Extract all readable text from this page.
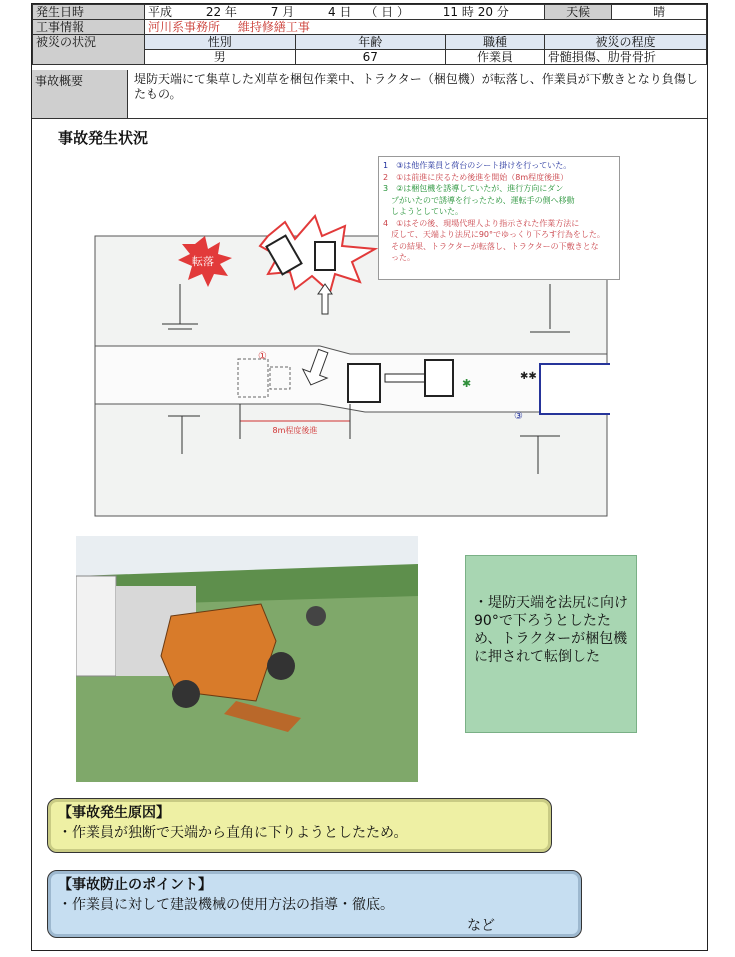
発生日時	平成 22 年 7 月 4 日 （ 日 ） 11 時 20 分			天候	晴
工事情報	河川系事務所 維持修繕工事				
被災の状況	性別	年齢	職種	被災の程度	
	男	67	作業員	骨髄損傷、肋骨骨折	
事故概要	堤防天端にて集草した刈草を梱包作業中、トラクター（梱包機）が転落し、作業員が下敷きとなり負傷したもの。
事故発生状況
転落
①
✱
✱✱
③
8m程度後進
1　③は他作業員と荷台のシート掛けを行っていた。
2　①は前進に戻るため後進を開始（8m程度後進）
3　②は梱包機を誘導していたが、進行方向にダン
　プがいたので誘導を行ったため、運転手の側へ移動
　しようとしていた。
4　①はその後、現場代理人より指示された作業方法に
　反して、天端より法尻に90°でゆっくり下ろす行為をした。
　その結果、トラクターが転落し、トラクターの下敷きとな
　った。
・堤防天端を法尻に向け90°で下ろうとしたため、トラクターが梱包機に押されて転倒した
【事故発生原因】
・作業員が独断で天端から直角に下りようとしたため。
【事故防止のポイント】
・作業員に対して建設機械の使用方法の指導・徹底。
など
